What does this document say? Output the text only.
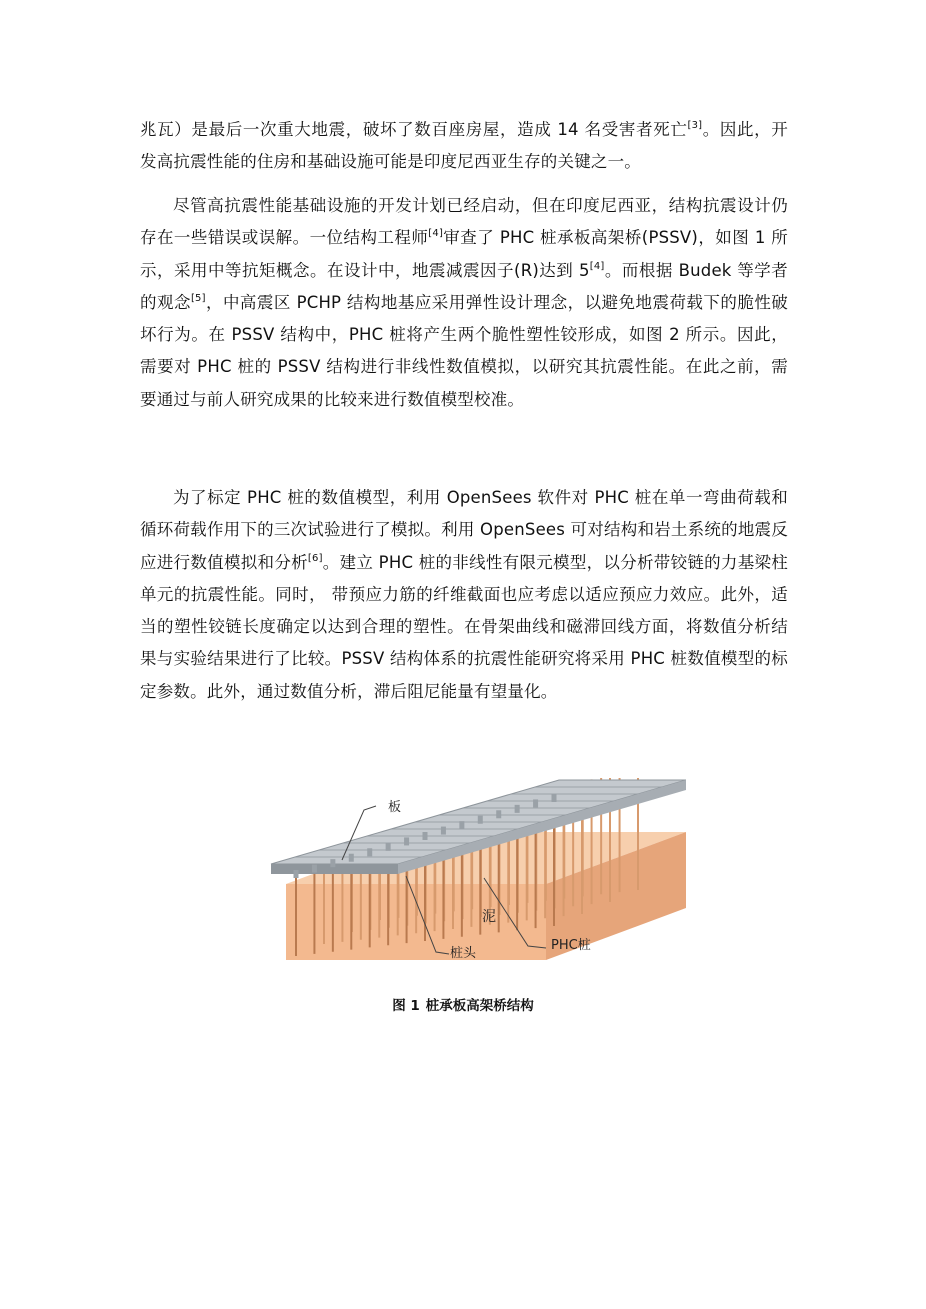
兆瓦）是最后一次重大地震，破坏了数百座房屋，造成 14 名受害者死亡[3]。因此，开发高抗震性能的住房和基础设施可能是印度尼西亚生存的关键之一。

尽管高抗震性能基础设施的开发计划已经启动，但在印度尼西亚，结构抗震设计仍存在一些错误或误解。一位结构工程师[4]审查了 PHC 桩承板高架桥(PSSV)，如图 1 所示，采用中等抗矩概念。在设计中，地震减震因子(R)达到 5[4]。而根据 Budek 等学者的观念[5]，中高震区 PCHP 结构地基应采用弹性设计理念，以避免地震荷载下的脆性破坏行为。在 PSSV 结构中，PHC 桩将产生两个脆性塑性铰形成，如图 2 所示。因此，需要对 PHC 桩的 PSSV 结构进行非线性数值模拟，以研究其抗震性能。在此之前，需要通过与前人研究成果的比较来进行数值模型校准。

为了标定 PHC 桩的数值模型，利用 OpenSees 软件对 PHC 桩在单一弯曲荷载和循环荷载作用下的三次试验进行了模拟。利用 OpenSees 可对结构和岩土系统的地震反应进行数值模拟和分析[6]。建立 PHC 桩的非线性有限元模型，以分析带铰链的力基梁柱单元的抗震性能。同时， 带预应力筋的纤维截面也应考虑以适应预应力效应。此外，适当的塑性铰链长度确定以达到合理的塑性。在骨架曲线和磁滞回线方面，将数值分析结果与实验结果进行了比较。PSSV 结构体系的抗震性能研究将采用 PHC 桩数值模型的标定参数。此外，通过数值分析，滞后阻尼能量有望量化。

板
泥
桩头
PHC桩
图 1 桩承板高架桥结构
